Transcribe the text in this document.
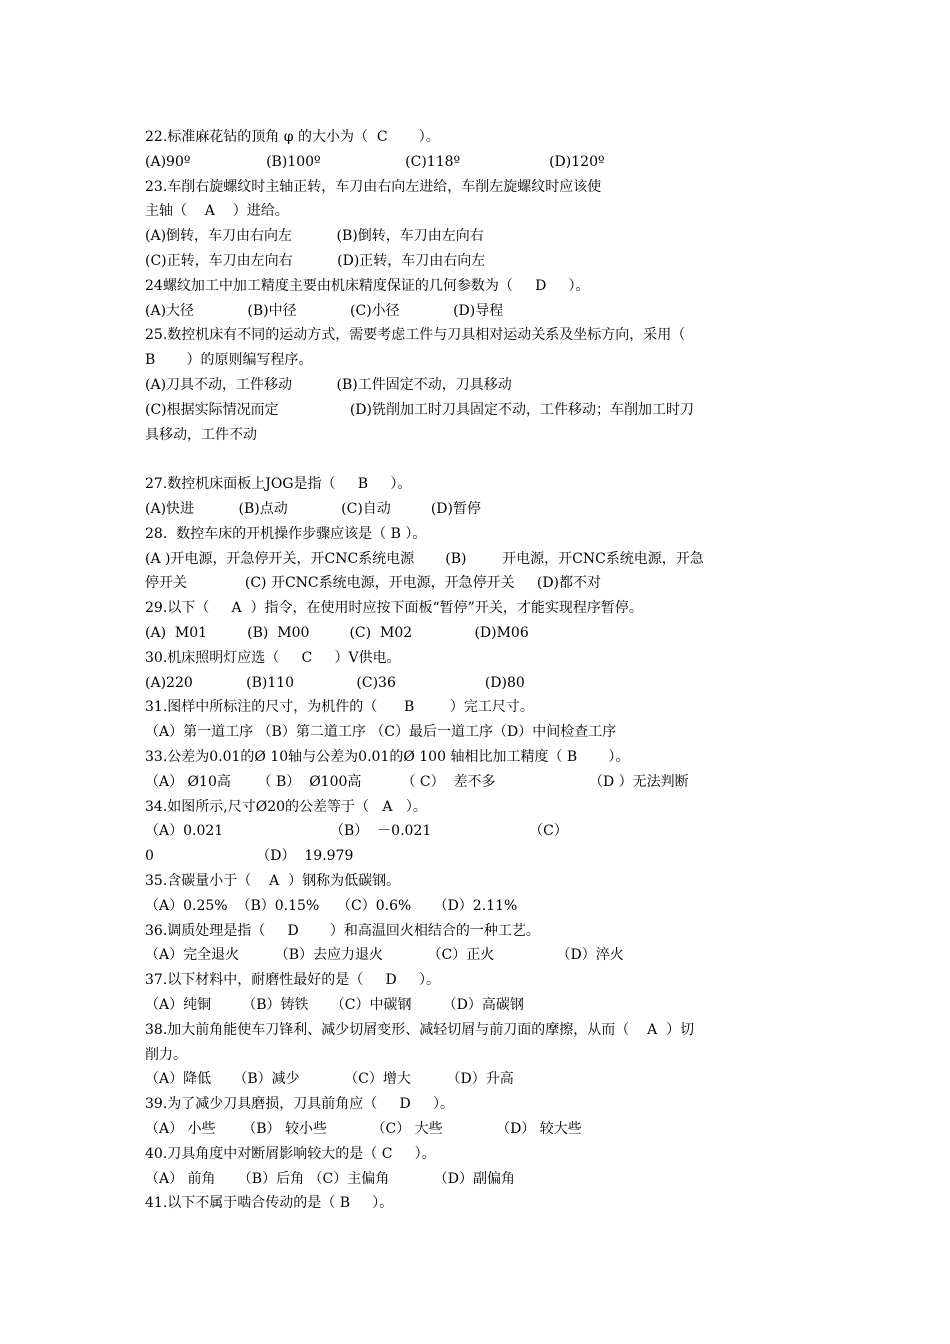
22.标准麻花钻的顶角 φ 的大小为（  C       ）。
(A)90º                 (B)100º                   (C)118º                    (D)120º
23.车削右旋螺纹时主轴正转，车刀由右向左进给，车削左旋螺纹时应该使
主轴（    A    ）进给。
(A)倒转，车刀由右向左          (B)倒转，车刀由左向右
(C)正转，车刀由左向右          (D)正转，车刀由右向左
24螺纹加工中加工精度主要由机床精度保证的几何参数为（     D     ）。
(A)大径            (B)中径            (C)小径            (D)导程
25.数控机床有不同的运动方式，需要考虑工件与刀具相对运动关系及坐标方向，采用（
B       ）的原则编写程序。
(A)刀具不动，工件移动          (B)工件固定不动，刀具移动
(C)根据实际情况而定                (D)铣削加工时刀具固定不动，工件移动；车削加工时刀
具移动，工件不动
27.数控机床面板上JOG是指（     B     ）。
(A)快进          (B)点动            (C)自动         (D)暂停
28.  数控车床的开机操作步骤应该是（ B ）。
(A )开电源，开急停开关，开CNC系统电源       (B)        开电源，开CNC系统电源，开急
停开关             (C) 开CNC系统电源，开电源，开急停开关     (D)都不对
29.以下（     A  ）指令，在使用时应按下面板“暂停”开关，才能实现程序暂停。
(A)  M01         (B)  M00         (C)  M02              (D)M06
30.机床照明灯应选（     C     ）V供电。
(A)220            (B)110              (C)36                    (D)80
31.图样中所标注的尺寸，为机件的（      B        ）完工尺寸。
（A）第一道工序 （B）第二道工序 （C）最后一道工序（D）中间检查工序
33.公差为0.01的Ø 10轴与公差为0.01的Ø 100 轴相比加工精度（ B       ）。
（A） Ø10高      （ B）  Ø100高         （ C）  差不多                     （D ）无法判断
34.如图所示,尺寸Ø20的公差等于（   A   ）。
（A）0.021                        （B）  －0.021                      （C）
0                       （D）  19.979
35.含碳量小于（    A  ）钢称为低碳钢。
（A）0.25%  （B）0.15%    （C）0.6%     （D）2.11%
36.调质处理是指（     D       ）和高温回火相结合的一种工艺。
（A）完全退火        （B）去应力退火          （C）正火              （D）淬火
37.以下材料中，耐磨性最好的是（     D     ）。
（A）纯铜       （B）铸铁     （C）中碳钢       （D）高碳钢
38.加大前角能使车刀锋利、减少切屑变形、减轻切屑与前刀面的摩擦，从而（    A  ）切
削力。
（A）降低     （B）减少          （C）增大        （D）升高
39.为了减少刀具磨损，刀具前角应（     D     ）。
（A） 小些      （B） 较小些          （C） 大些            （D） 较大些
40.刀具角度中对断屑影响较大的是（ C     ）。
（A） 前角     （B）后角 （C）主偏角          （D）副偏角
41.以下不属于啮合传动的是（ B     ）。
